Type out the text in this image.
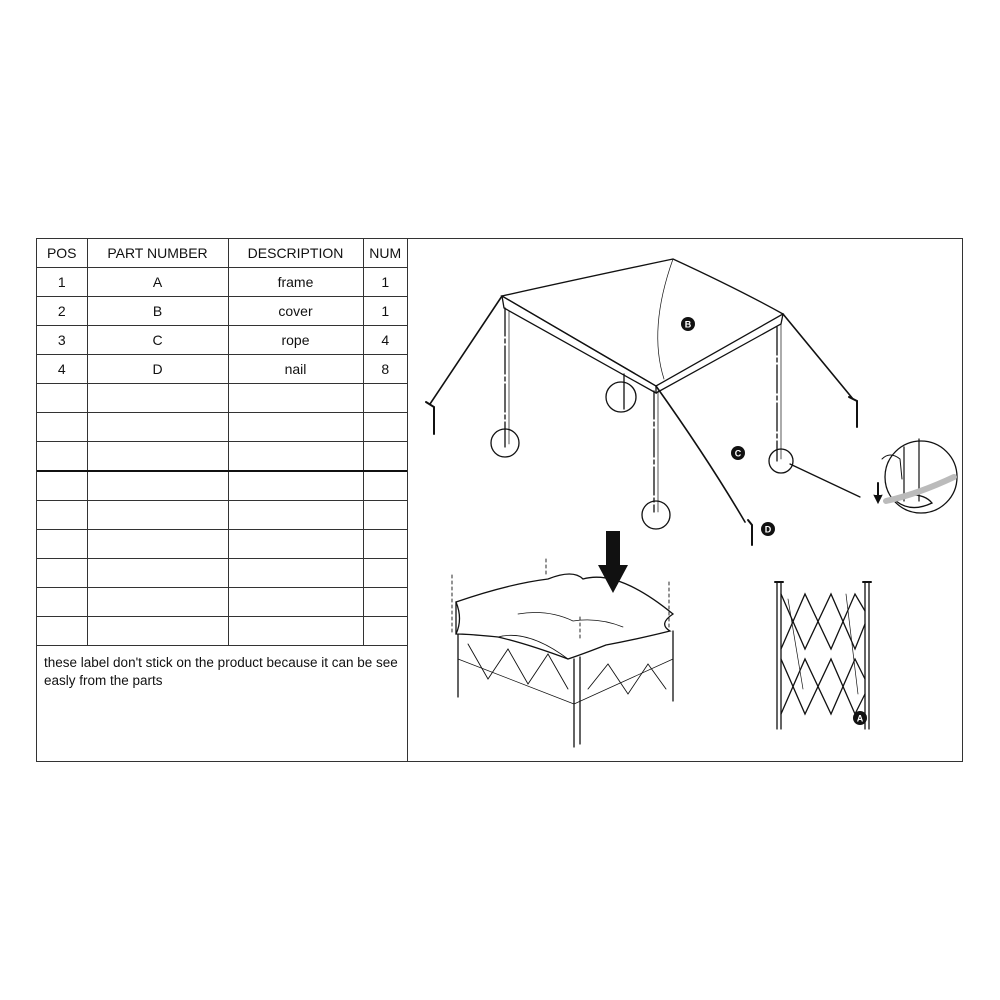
POS	PART NUMBER	DESCRIPTION	NUM
1	A	frame	1
2	B	cover	1
3	C	rope	4
4	D	nail	8

these label don't stick on the product because it can be see easly from the parts
B
C
D
A
